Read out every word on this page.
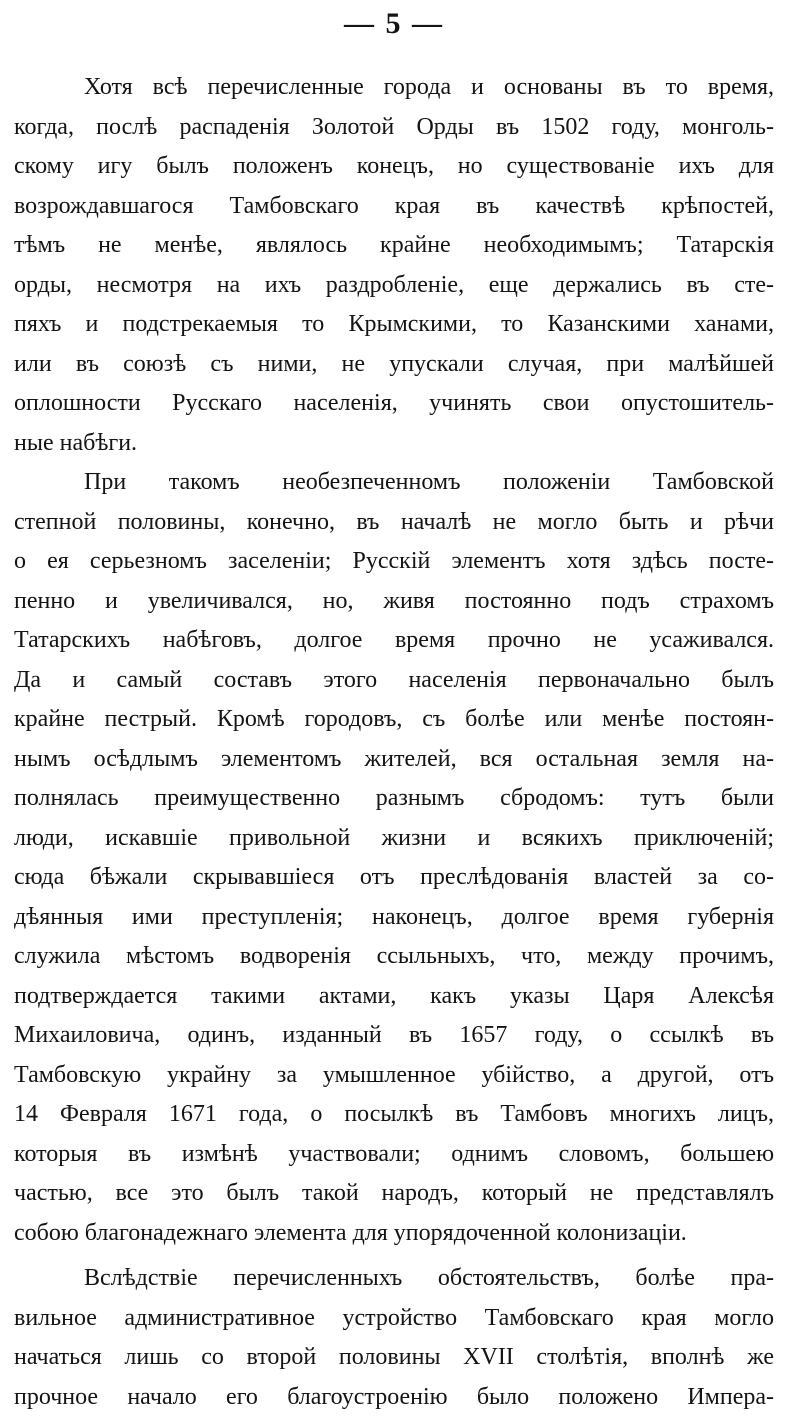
— 5 —
Хотя всѣ перечисленные города и основаны въ то время,
когда, послѣ распаденія Золотой Орды въ 1502 году, монголь-
скому игу былъ положенъ конецъ, но существованіе ихъ для
возрождавшагося Тамбовскаго края въ качествѣ крѣпостей,
тѣмъ не менѣе, являлось крайне необходимымъ; Татарскія
орды, несмотря на ихъ раздробленіе, еще держались въ сте-
пяхъ и подстрекаемыя то Крымскими, то Казанскими ханами,
или въ союзѣ съ ними, не упускали случая, при малѣйшей
оплошности Русскаго населенія, учинять свои опустошитель-
ные набѣги.
При такомъ необезпеченномъ положеніи Тамбовской
степной половины, конечно, въ началѣ не могло быть и рѣчи
о ея серьезномъ заселеніи; Русскій элементъ хотя здѣсь посте-
пенно и увеличивался, но, живя постоянно подъ страхомъ
Татарскихъ набѣговъ, долгое время прочно не усаживался.
Да и самый составъ этого населенія первоначально былъ
крайне пестрый. Кромѣ городовъ, съ болѣе или менѣе постоян-
нымъ осѣдлымъ элементомъ жителей, вся остальная земля на-
полнялась преимущественно разнымъ сбродомъ: тутъ были
люди, искавшіе привольной жизни и всякихъ приключеній;
сюда бѣжали скрывавшіеся отъ преслѣдованія властей за со-
дѣянныя ими преступленія; наконецъ, долгое время губернія
служила мѣстомъ водворенія ссыльныхъ, что, между прочимъ,
подтверждается такими актами, какъ указы Царя Алексѣя
Михаиловича, одинъ, изданный въ 1657 году, о ссылкѣ въ
Тамбовскую украйну за умышленное убійство, а другой, отъ
14 Февраля 1671 года, о посылкѣ въ Тамбовъ многихъ лицъ,
которыя въ измѣнѣ участвовали; однимъ словомъ, большею
частью, все это былъ такой народъ, который не представлялъ
собою благонадежнаго элемента для упорядоченной колонизаціи.
Вслѣдствіе перечисленныхъ обстоятельствъ, болѣе пра-
вильное административное устройство Тамбовскаго края могло
начаться лишь со второй половины XVII столѣтія, вполнѣ же
прочное начало его благоустроенію было положено Импера-
